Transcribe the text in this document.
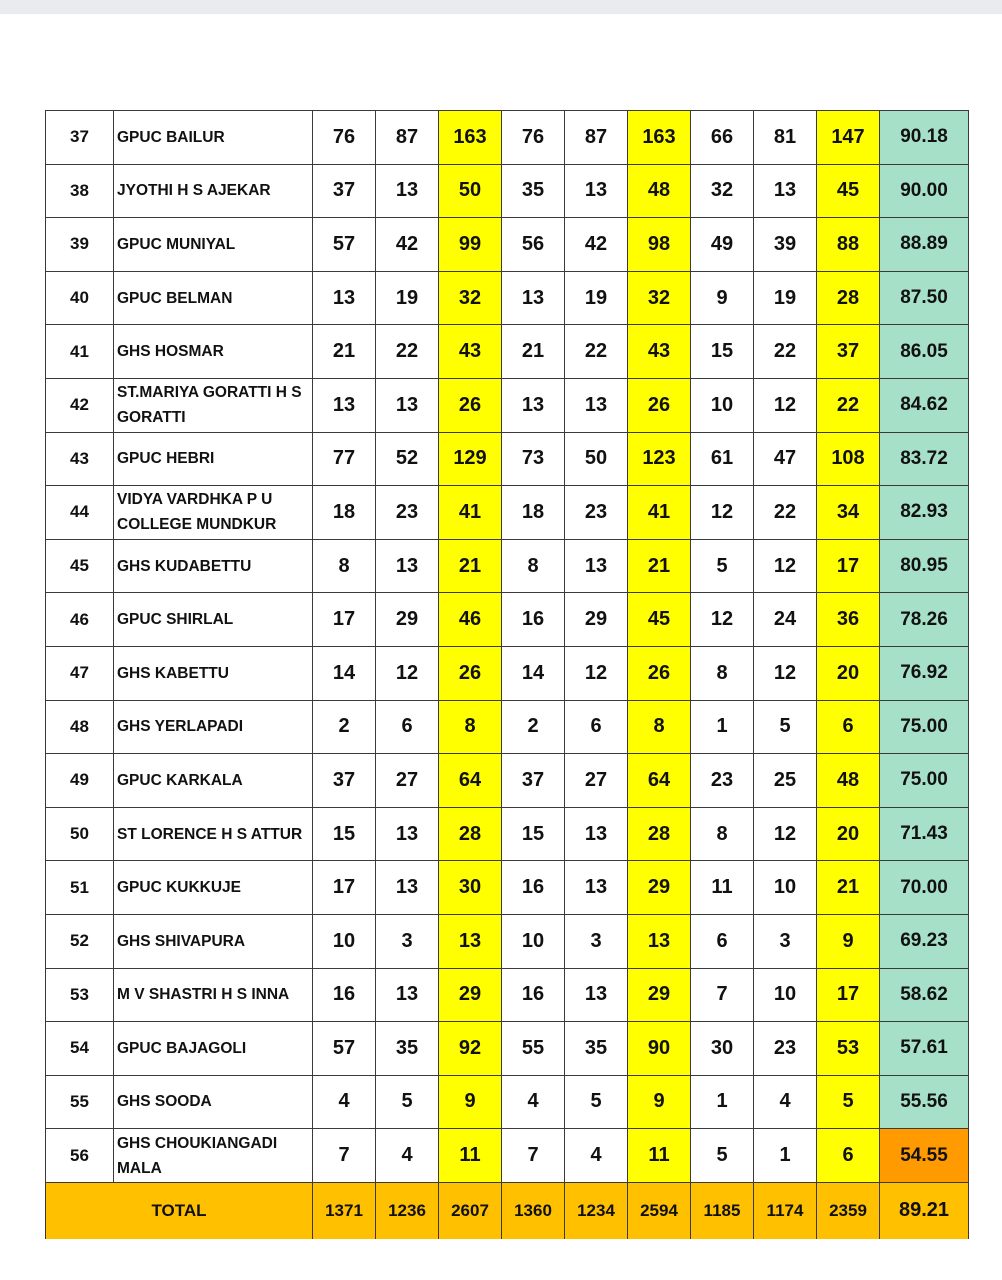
37	GPUC BAILUR	76	87	163	76	87	163	66	81	147	90.18
38	JYOTHI H S AJEKAR	37	13	50	35	13	48	32	13	45	90.00
39	GPUC MUNIYAL	57	42	99	56	42	98	49	39	88	88.89
40	GPUC BELMAN	13	19	32	13	19	32	9	19	28	87.50
41	GHS HOSMAR	21	22	43	21	22	43	15	22	37	86.05
42	ST.MARIYA GORATTI H S GORATTI	13	13	26	13	13	26	10	12	22	84.62
43	GPUC HEBRI	77	52	129	73	50	123	61	47	108	83.72
44	VIDYA VARDHKA P U COLLEGE MUNDKUR	18	23	41	18	23	41	12	22	34	82.93
45	GHS KUDABETTU	8	13	21	8	13	21	5	12	17	80.95
46	GPUC SHIRLAL	17	29	46	16	29	45	12	24	36	78.26
47	GHS KABETTU	14	12	26	14	12	26	8	12	20	76.92
48	GHS YERLAPADI	2	6	8	2	6	8	1	5	6	75.00
49	GPUC KARKALA	37	27	64	37	27	64	23	25	48	75.00
50	ST LORENCE H S ATTUR	15	13	28	15	13	28	8	12	20	71.43
51	GPUC KUKKUJE	17	13	30	16	13	29	11	10	21	70.00
52	GHS SHIVAPURA	10	3	13	10	3	13	6	3	9	69.23
53	M V SHASTRI H S INNA	16	13	29	16	13	29	7	10	17	58.62
54	GPUC BAJAGOLI	57	35	92	55	35	90	30	23	53	57.61
55	GHS SOODA	4	5	9	4	5	9	1	4	5	55.56
56	GHS CHOUKIANGADI MALA	7	4	11	7	4	11	5	1	6	54.55
TOTAL		1371	1236	2607	1360	1234	2594	1185	1174	2359	89.21
